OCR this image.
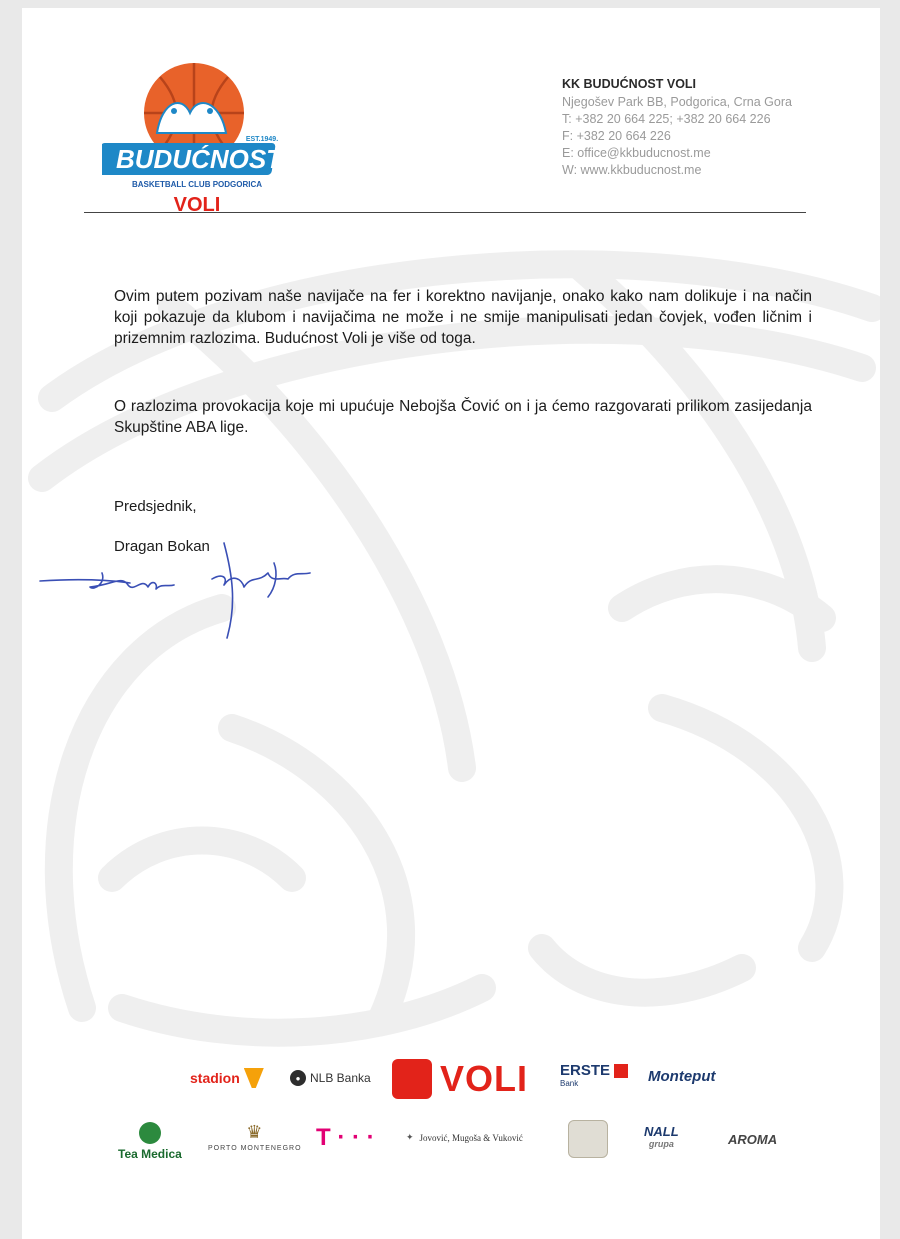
BUDUĆNOST
EST.1949.
BASKETBALL CLUB PODGORICA
VOLI
KK BUDUĆNOST VOLI
Njegošev Park BB, Podgorica, Crna Gora
T: +382 20 664 225; +382 20 664 226
F: +382 20 664 226
E: office@kkbuducnost.me
W: www.kkbuducnost.me
Ovim putem pozivam naše navijače na fer i korektno navijanje, onako kako nam dolikuje i na način koji pokazuje da klubom i navijačima ne može i ne smije manipulisati jedan čovjek, vođen ličnim i prizemnim razlozima. Budućnost Voli je više od toga.
O razlozima provokacija koje mi upućuje Nebojša Čović on i ja ćemo razgovarati prilikom zasijedanja Skupštine ABA lige.
Predsjednik,
Dragan Bokan
stadion	● NLB Banka VOLI ERSTE
Bank	Monteput
Tea Medica
♛
PORTO MONTENEGRO T · · ·	✦ Jovović, Mugoša & Vuković	NALL
grupa	AROMA
